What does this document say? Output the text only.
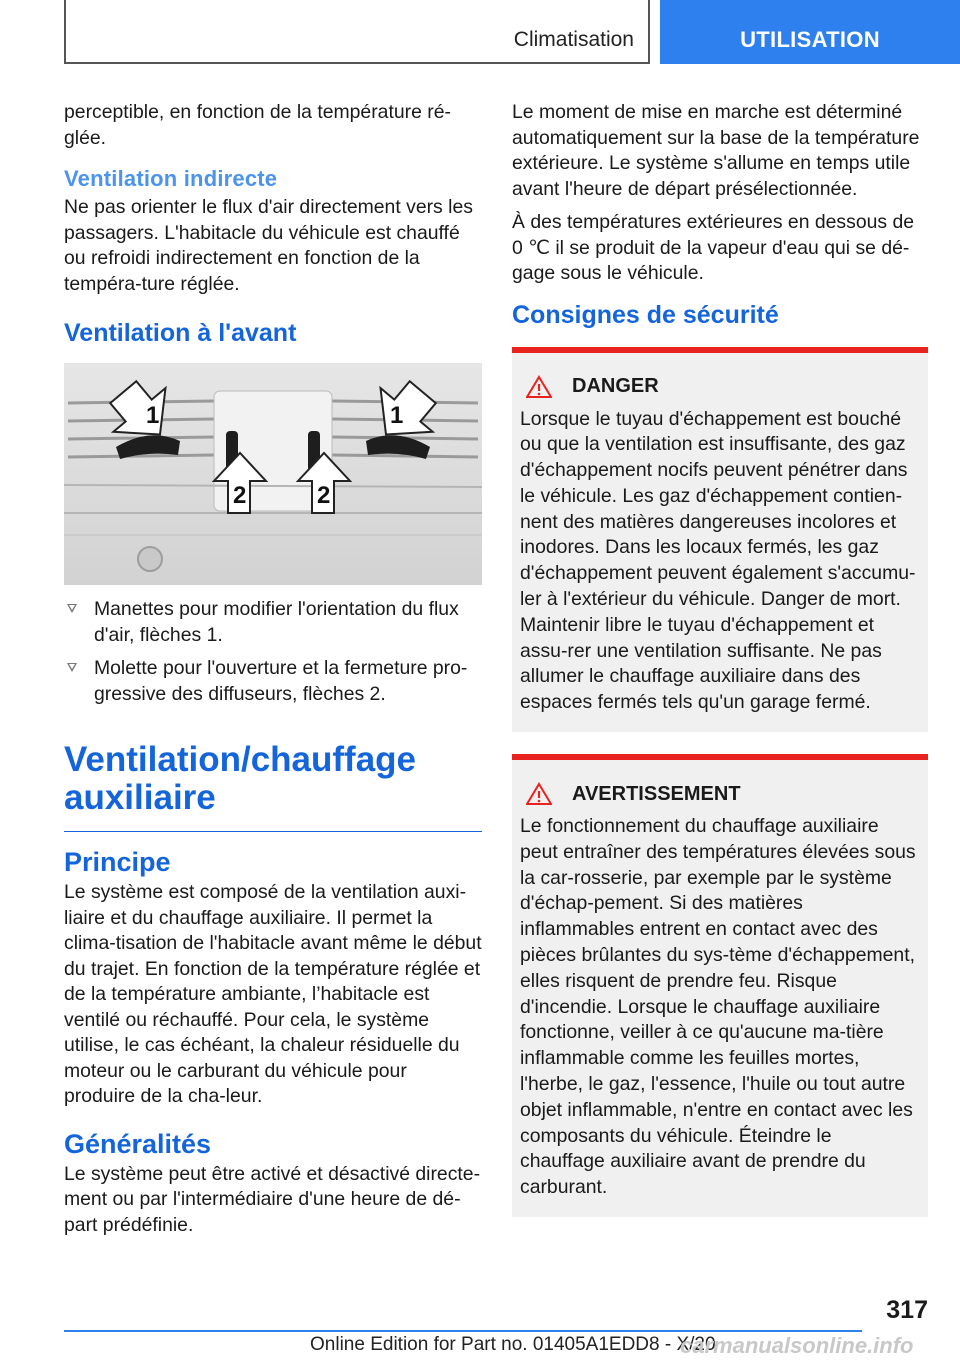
Climatisation	UTILISATION

perceptible, en fonction de la température ré-glée.

Ventilation indirecte

Ne pas orienter le flux d'air directement vers les passagers. L'habitacle du véhicule est chauffé ou refroidi indirectement en fonction de la tempéra-ture réglée.

Ventilation à l'avant
1	1
2	2
Manettes pour modifier l'orientation du flux d'air, flèches 1.
Molette pour l'ouverture et la fermeture pro-gressive des diffuseurs, flèches 2.
Ventilation/chauffage auxiliaire
Principe

Le système est composé de la ventilation auxi-liaire et du chauffage auxiliaire. Il permet la clima-tisation de l'habitacle avant même le début du trajet. En fonction de la température réglée et de la température ambiante, l’habitacle est ventilé ou réchauffé. Pour cela, le système utilise, le cas échéant, la chaleur résiduelle du moteur ou le carburant du véhicule pour produire de la cha-leur.

Généralités

Le système peut être activé et désactivé directe-ment ou par l'intermédiaire d'une heure de dé-part prédéfinie.

Le moment de mise en marche est déterminé automatiquement sur la base de la température extérieure. Le système s'allume en temps utile avant l'heure de départ présélectionnée.

À des températures extérieures en dessous de 0 ℃ il se produit de la vapeur d'eau qui se dé-gage sous le véhicule.

Consignes de sécurité
DANGER

Lorsque le tuyau d'échappement est bouché ou que la ventilation est insuffisante, des gaz d'échappement nocifs peuvent pénétrer dans le véhicule. Les gaz d'échappement contien-nent des matières dangereuses incolores et inodores. Dans les locaux fermés, les gaz d'échappement peuvent également s'accumu-ler à l'extérieur du véhicule. Danger de mort. Maintenir libre le tuyau d'échappement et assu-rer une ventilation suffisante. Ne pas allumer le chauffage auxiliaire dans des espaces fermés tels qu'un garage fermé.

AVERTISSEMENT

Le fonctionnement du chauffage auxiliaire peut entraîner des températures élevées sous la car-rosserie, par exemple par le système d'échap-pement. Si des matières inflammables entrent en contact avec des pièces brûlantes du sys-tème d'échappement, elles risquent de prendre feu. Risque d'incendie. Lorsque le chauffage auxiliaire fonctionne, veiller à ce qu'aucune ma-tière inflammable comme les feuilles mortes, l'herbe, le gaz, l'essence, l'huile ou tout autre objet inflammable, n'entre en contact avec les composants du véhicule. Éteindre le chauffage auxiliaire avant de prendre du carburant.

317
Online Edition for Part no. 01405A1EDD8 - X/20
carmanualsonline.info
